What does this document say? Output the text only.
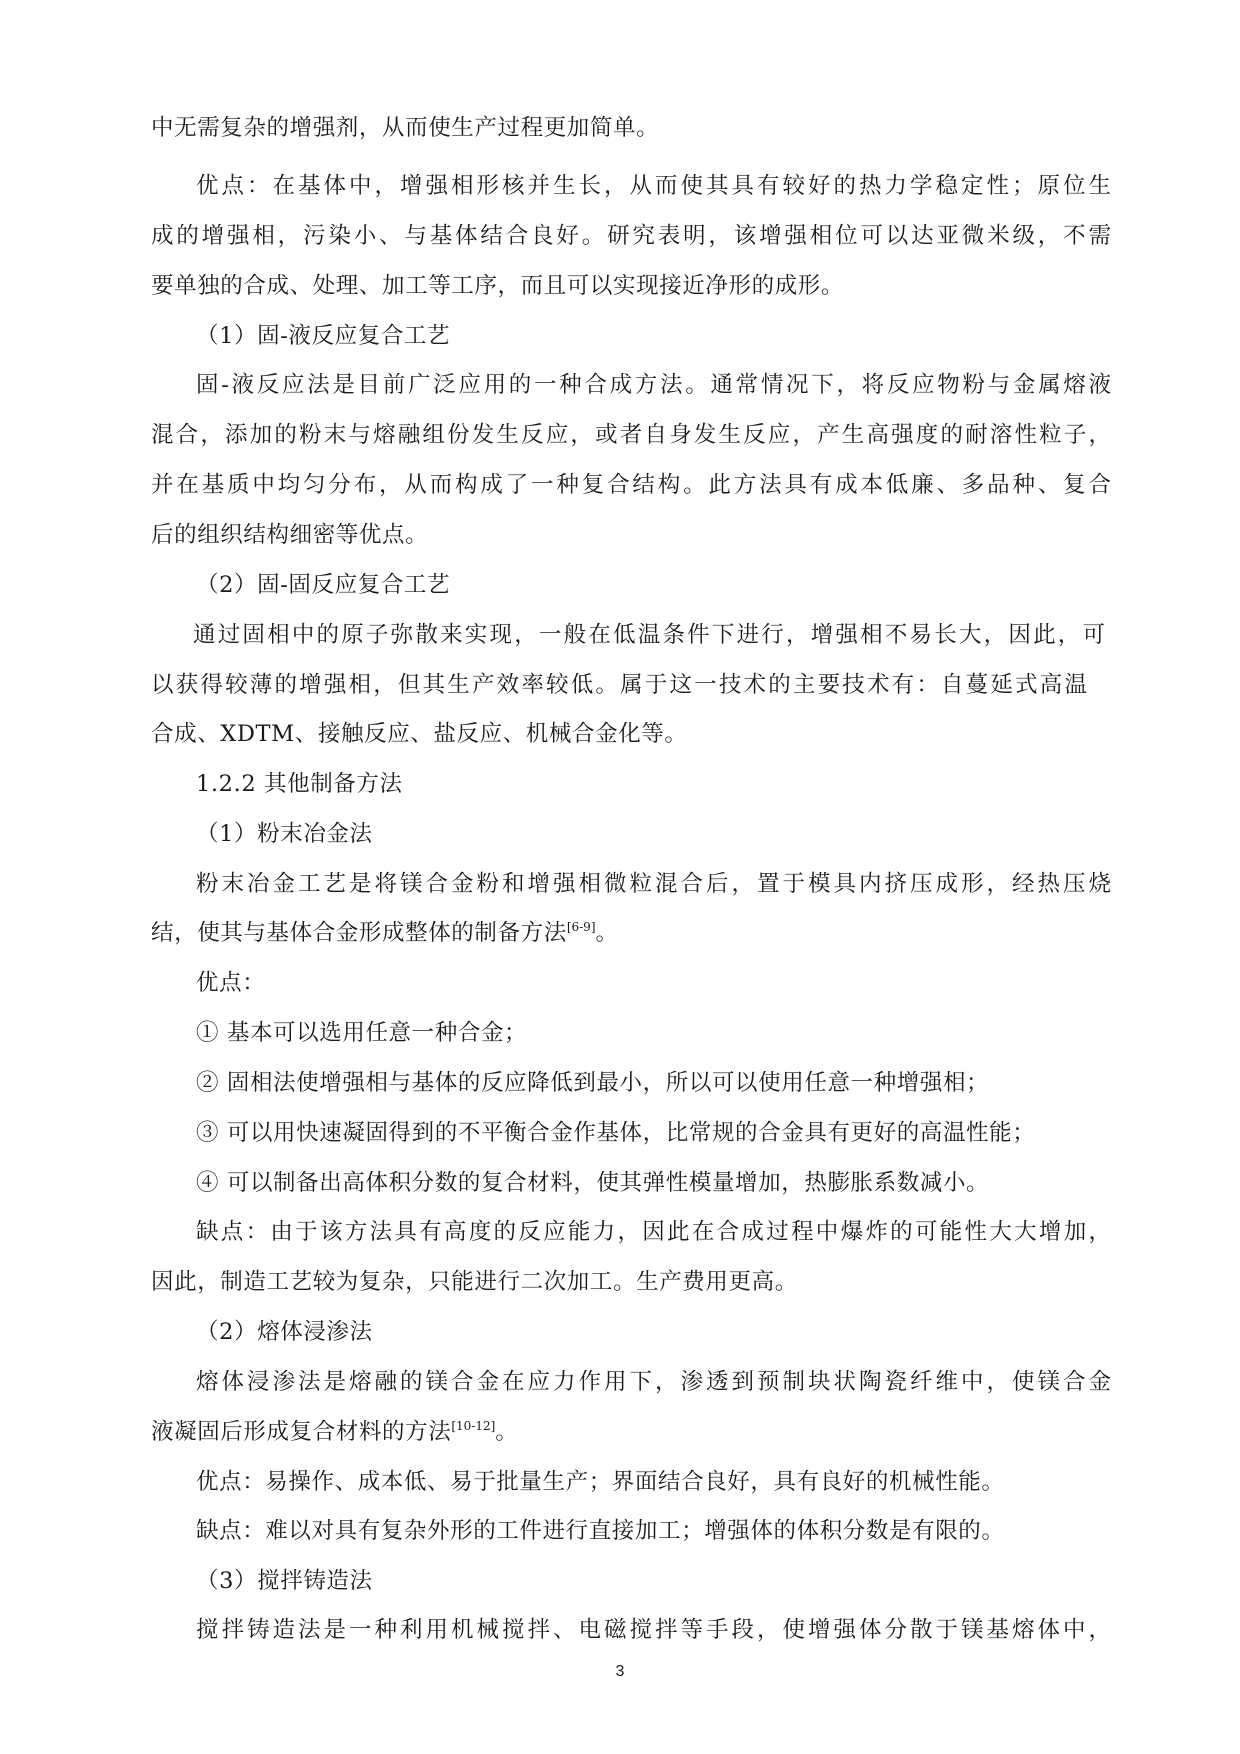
中无需复杂的增强剂，从而使生产过程更加简单。
优点：在基体中，增强相形核并生长，从而使其具有较好的热力学稳定性；原位生
成的增强相，污染小、与基体结合良好。研究表明，该增强相位可以达亚微米级，不需
要单独的合成、处理、加工等工序，而且可以实现接近净形的成形。
（1）固-液反应复合工艺
固-液反应法是目前广泛应用的一种合成方法。通常情况下，将反应物粉与金属熔液
混合，添加的粉末与熔融组份发生反应，或者自身发生反应，产生高强度的耐溶性粒子，
并在基质中均匀分布，从而构成了一种复合结构。此方法具有成本低廉、多品种、复合
后的组织结构细密等优点。
（2）固-固反应复合工艺
通过固相中的原子弥散来实现，一般在低温条件下进行，增强相不易长大，因此，可
以获得较薄的增强相，但其生产效率较低。属于这一技术的主要技术有：自蔓延式高温
合成、XDTM、接触反应、盐反应、机械合金化等。
1.2.2 其他制备方法
（1）粉末冶金法
粉末冶金工艺是将镁合金粉和增强相微粒混合后，置于模具内挤压成形，经热压烧
结，使其与基体合金形成整体的制备方法[6-9]。
优点：
① 基本可以选用任意一种合金；
② 固相法使增强相与基体的反应降低到最小，所以可以使用任意一种增强相；
③ 可以用快速凝固得到的不平衡合金作基体，比常规的合金具有更好的高温性能；
④ 可以制备出高体积分数的复合材料，使其弹性模量增加，热膨胀系数减小。
缺点：由于该方法具有高度的反应能力，因此在合成过程中爆炸的可能性大大增加，
因此，制造工艺较为复杂，只能进行二次加工。生产费用更高。
（2）熔体浸渗法
熔体浸渗法是熔融的镁合金在应力作用下，渗透到预制块状陶瓷纤维中，使镁合金
液凝固后形成复合材料的方法[10-12]。
优点：易操作、成本低、易于批量生产；界面结合良好，具有良好的机械性能。
缺点：难以对具有复杂外形的工件进行直接加工；增强体的体积分数是有限的。
（3）搅拌铸造法
搅拌铸造法是一种利用机械搅拌、电磁搅拌等手段，使增强体分散于镁基熔体中，
3
